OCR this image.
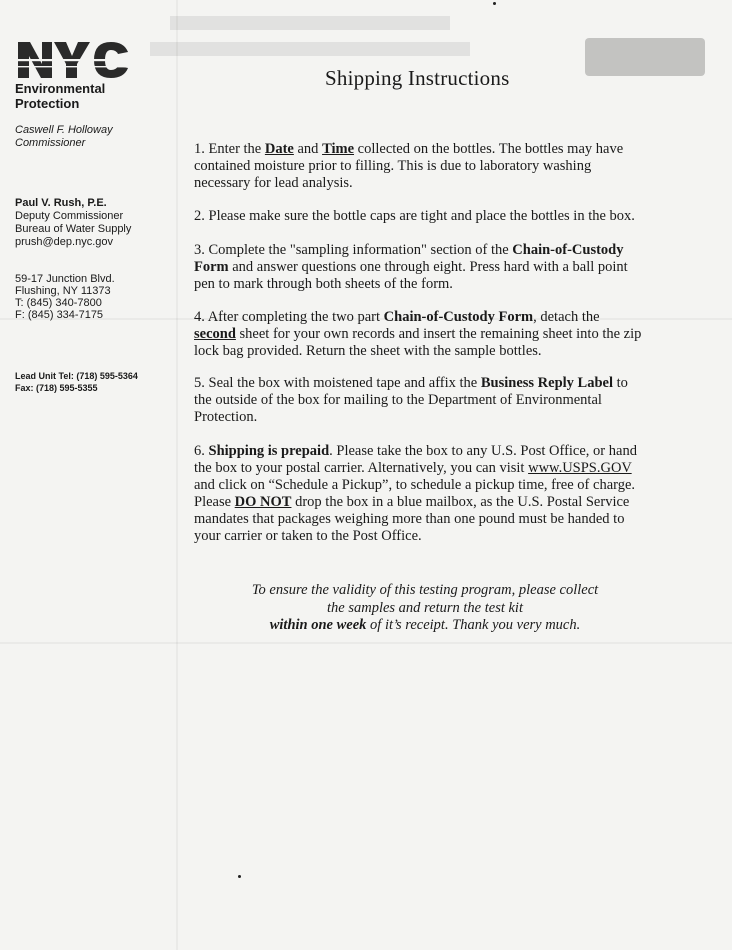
Environmental
Protection
Caswell F. Holloway
Commissioner
Paul V. Rush, P.E.
Deputy Commissioner
Bureau of Water Supply
prush@dep.nyc.gov
59-17 Junction Blvd.
Flushing, NY 11373
T: (845) 340-7800
F: (845) 334-7175
Lead Unit Tel: (718) 595-5364
Fax: (718) 595-5355
Shipping Instructions
1. Enter the Date and Time collected on the bottles. The bottles may have contained moisture prior to filling. This is due to laboratory washing necessary for lead analysis.
2. Please make sure the bottle caps are tight and place the bottles in the box.
3. Complete the "sampling information" section of the Chain-of-Custody Form and answer questions one through eight. Press hard with a ball point pen to mark through both sheets of the form.
4. After completing the two part Chain-of-Custody Form, detach the second sheet for your own records and insert the remaining sheet into the zip lock bag provided. Return the sheet with the sample bottles.
5. Seal the box with moistened tape and affix the Business Reply Label to the outside of the box for mailing to the Department of Environmental Protection.
6. Shipping is prepaid. Please take the box to any U.S. Post Office, or hand the box to your postal carrier. Alternatively, you can visit www.USPS.GOV and click on “Schedule a Pickup”, to schedule a pickup time, free of charge. Please DO NOT drop the box in a blue mailbox, as the U.S. Postal Service mandates that packages weighing more than one pound must be handed to your carrier or taken to the Post Office.
To ensure the validity of this testing program, please collect
the samples and return the test kit
within one week of it’s receipt. Thank you very much.
